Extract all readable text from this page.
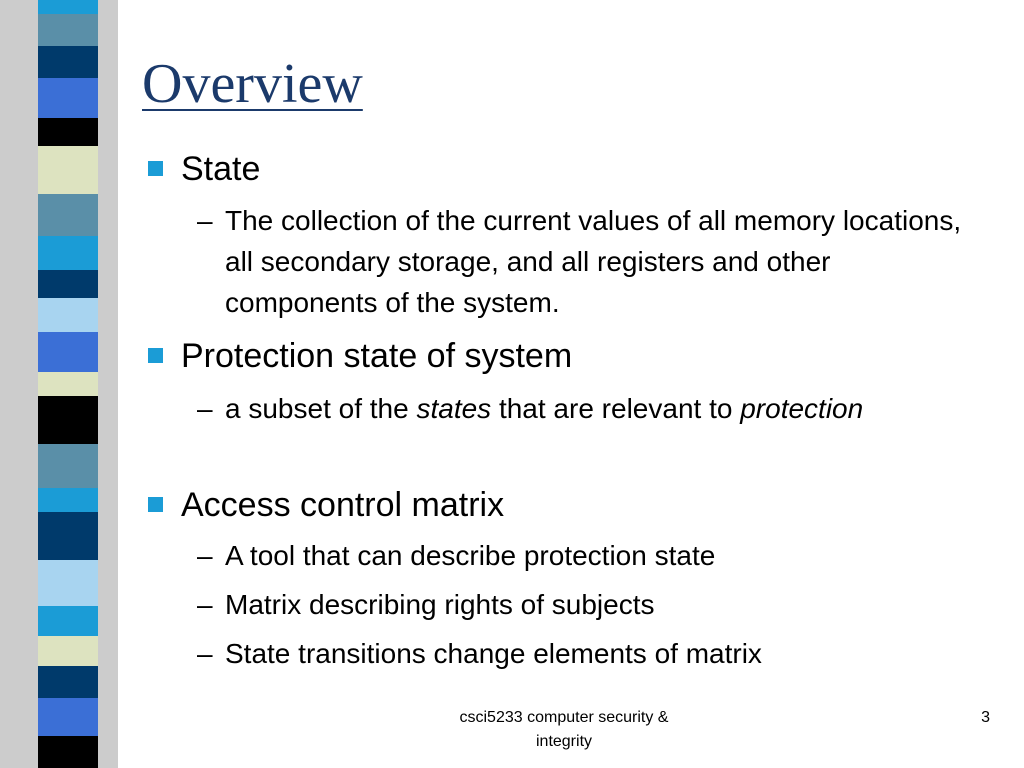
Overview
State
– The collection of the current values of all memory locations, all secondary storage, and all registers and other components of the system.
Protection state of system
– a subset of the states that are relevant to protection
Access control matrix
– A tool that can describe protection state
– Matrix describing rights of subjects
– State transitions change elements of matrix
csci5233 computer security &
integrity
3
